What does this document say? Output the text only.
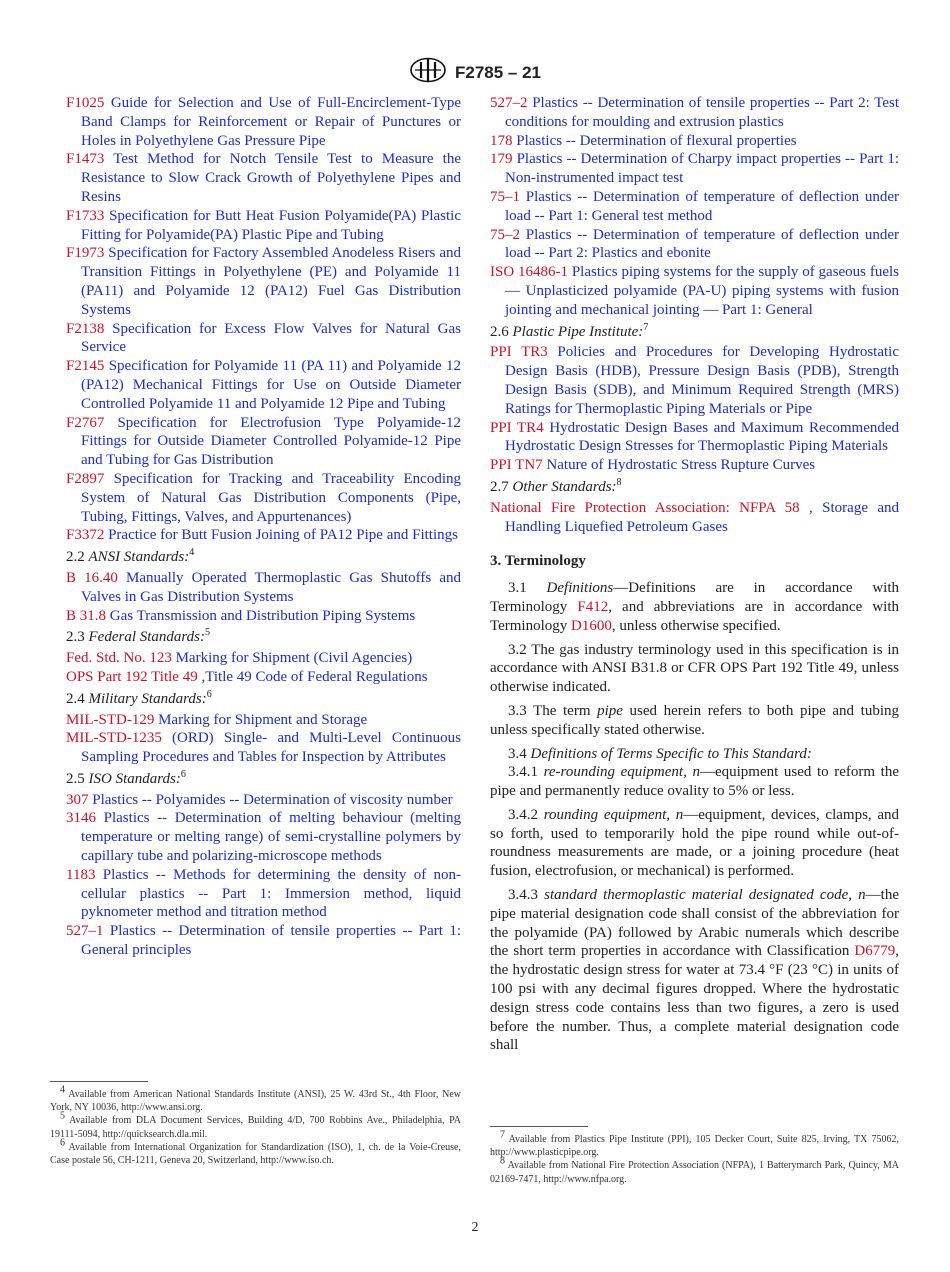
F2785 – 21

F1025 Guide for Selection and Use of Full-Encirclement-Type Band Clamps for Reinforcement or Repair of Punctures or Holes in Polyethylene Gas Pressure Pipe

F1473 Test Method for Notch Tensile Test to Measure the Resistance to Slow Crack Growth of Polyethylene Pipes and Resins

F1733 Specification for Butt Heat Fusion Polyamide(PA) Plastic Fitting for Polyamide(PA) Plastic Pipe and Tubing

F1973 Specification for Factory Assembled Anodeless Risers and Transition Fittings in Polyethylene (PE) and Polyamide 11 (PA11) and Polyamide 12 (PA12) Fuel Gas Distribution Systems

F2138 Specification for Excess Flow Valves for Natural Gas Service

F2145 Specification for Polyamide 11 (PA 11) and Polyamide 12 (PA12) Mechanical Fittings for Use on Outside Diameter Controlled Polyamide 11 and Polyamide 12 Pipe and Tubing

F2767 Specification for Electrofusion Type Polyamide-12 Fittings for Outside Diameter Controlled Polyamide-12 Pipe and Tubing for Gas Distribution

F2897 Specification for Tracking and Traceability Encoding System of Natural Gas Distribution Components (Pipe, Tubing, Fittings, Valves, and Appurtenances)

F3372 Practice for Butt Fusion Joining of PA12 Pipe and Fittings

2.2 ANSI Standards:$^4$

B 16.40 Manually Operated Thermoplastic Gas Shutoffs and Valves in Gas Distribution Systems

B 31.8 Gas Transmission and Distribution Piping Systems

2.3 Federal Standards:$^5$

Fed. Std. No. 123 Marking for Shipment (Civil Agencies)

OPS Part 192 Title 49 ,Title 49 Code of Federal Regulations

2.4 Military Standards:$^6$

MIL-STD-129 Marking for Shipment and Storage

MIL-STD-1235 (ORD) Single- and Multi-Level Continuous Sampling Procedures and Tables for Inspection by Attributes

2.5 ISO Standards:$^6$

307 Plastics -- Polyamides -- Determination of viscosity number

3146 Plastics -- Determination of melting behaviour (melting temperature or melting range) of semi-crystalline polymers by capillary tube and polarizing-microscope methods

1183 Plastics -- Methods for determining the density of non-cellular plastics -- Part 1: Immersion method, liquid pyknometer method and titration method

527–1 Plastics -- Determination of tensile properties -- Part 1: General principles

527–2 Plastics -- Determination of tensile properties -- Part 2: Test conditions for moulding and extrusion plastics

178 Plastics -- Determination of flexural properties

179 Plastics -- Determination of Charpy impact properties -- Part 1: Non-instrumented impact test

75–1 Plastics -- Determination of temperature of deflection under load -- Part 1: General test method

75–2 Plastics -- Determination of temperature of deflection under load -- Part 2: Plastics and ebonite

ISO 16486-1 Plastics piping systems for the supply of gaseous fuels — Unplasticized polyamide (PA-U) piping systems with fusion jointing and mechanical jointing — Part 1: General

2.6 Plastic Pipe Institute:$^7$

PPI TR3 Policies and Procedures for Developing Hydrostatic Design Basis (HDB), Pressure Design Basis (PDB), Strength Design Basis (SDB), and Minimum Required Strength (MRS) Ratings for Thermoplastic Piping Materials or Pipe

PPI TR4 Hydrostatic Design Bases and Maximum Recommended Hydrostatic Design Stresses for Thermoplastic Piping Materials

PPI TN7 Nature of Hydrostatic Stress Rupture Curves

2.7 Other Standards:$^8$

National Fire Protection Association: NFPA 58 , Storage and Handling Liquefied Petroleum Gases

3. Terminology

3.1 Definitions—Definitions are in accordance with Terminology F412, and abbreviations are in accordance with Terminology D1600, unless otherwise specified.

3.2 The gas industry terminology used in this specification is in accordance with ANSI B31.8 or CFR OPS Part 192 Title 49, unless otherwise indicated.

3.3 The term pipe used herein refers to both pipe and tubing unless specifically stated otherwise.

3.4 Definitions of Terms Specific to This Standard:

3.4.1 re-rounding equipment, n—equipment used to reform the pipe and permanently reduce ovality to 5% or less.

3.4.2 rounding equipment, n—equipment, devices, clamps, and so forth, used to temporarily hold the pipe round while out-of-roundness measurements are made, or a joining procedure (heat fusion, electrofusion, or mechanical) is performed.

3.4.3 standard thermoplastic material designated code, n—the pipe material designation code shall consist of the abbreviation for the polyamide (PA) followed by Arabic numerals which describe the short term properties in accordance with Classification D6779, the hydrostatic design stress for water at 73.4 °F (23 °C) in units of 100 psi with any decimal figures dropped. Where the hydrostatic design stress code contains less than two figures, a zero is used before the number. Thus, a complete material designation code shall

$^4$ Available from American National Standards Institute (ANSI), 25 W. 43rd St., 4th Floor, New York, NY 10036, http://www.ansi.org.

$^5$ Available from DLA Document Services, Building 4/D, 700 Robbins Ave., Philadelphia, PA 19111-5094, http://quicksearch.dla.mil.

$^6$ Available from International Organization for Standardization (ISO), 1, ch. de la Voie-Creuse, Case postale 56, CH-1211, Geneva 20, Switzerland, http://www.iso.ch.

$^7$ Available from Plastics Pipe Institute (PPI), 105 Decker Court, Suite 825, Irving, TX 75062, http://www.plasticpipe.org.

$^8$ Available from National Fire Protection Association (NFPA), 1 Batterymarch Park, Quincy, MA 02169-7471, http://www.nfpa.org.

2
